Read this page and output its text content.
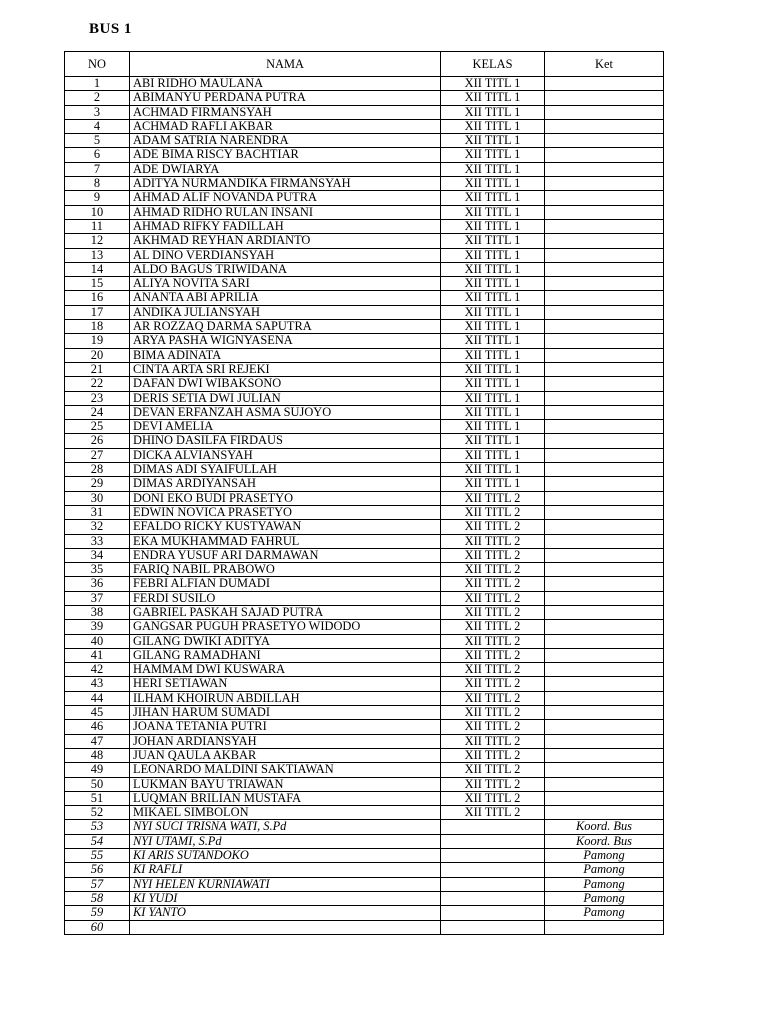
BUS 1
NO	NAMA	KELAS	Ket
1	ABI RIDHO MAULANA	XII TITL 1	
2	ABIMANYU PERDANA PUTRA	XII TITL 1	
3	ACHMAD FIRMANSYAH	XII TITL 1	
4	ACHMAD RAFLI AKBAR	XII TITL 1	
5	ADAM SATRIA NARENDRA	XII TITL 1	
6	ADE BIMA RISCY BACHTIAR	XII TITL 1	
7	ADE DWIARYA	XII TITL 1	
8	ADITYA NURMANDIKA FIRMANSYAH	XII TITL 1	
9	AHMAD ALIF NOVANDA PUTRA	XII TITL 1	
10	AHMAD RIDHO RULAN INSANI	XII TITL 1	
11	AHMAD RIFKY FADILLAH	XII TITL 1	
12	AKHMAD REYHAN ARDIANTO	XII TITL 1	
13	AL DINO VERDIANSYAH	XII TITL 1	
14	ALDO BAGUS TRIWIDANA	XII TITL 1	
15	ALIYA NOVITA SARI	XII TITL 1	
16	ANANTA ABI APRILIA	XII TITL 1	
17	ANDIKA JULIANSYAH	XII TITL 1	
18	AR ROZZAQ DARMA SAPUTRA	XII TITL 1	
19	ARYA PASHA WIGNYASENA	XII TITL 1	
20	BIMA ADINATA	XII TITL 1	
21	CINTA ARTA SRI REJEKI	XII TITL 1	
22	DAFAN DWI WIBAKSONO	XII TITL 1	
23	DERIS SETIA DWI JULIAN	XII TITL 1	
24	DEVAN ERFANZAH ASMA SUJOYO	XII TITL 1	
25	DEVI AMELIA	XII TITL 1	
26	DHINO DASILFA FIRDAUS	XII TITL 1	
27	DICKA ALVIANSYAH	XII TITL 1	
28	DIMAS ADI SYAIFULLAH	XII TITL 1	
29	DIMAS ARDIYANSAH	XII TITL 1	
30	DONI EKO BUDI PRASETYO	XII TITL 2	
31	EDWIN NOVICA PRASETYO	XII TITL 2	
32	EFALDO RICKY KUSTYAWAN	XII TITL 2	
33	EKA MUKHAMMAD FAHRUL	XII TITL 2	
34	ENDRA YUSUF ARI DARMAWAN	XII TITL 2	
35	FARIQ NABIL PRABOWO	XII TITL 2	
36	FEBRI ALFIAN DUMADI	XII TITL 2	
37	FERDI SUSILO	XII TITL 2	
38	GABRIEL PASKAH SAJAD PUTRA	XII TITL 2	
39	GANGSAR PUGUH PRASETYO WIDODO	XII TITL 2	
40	GILANG DWIKI ADITYA	XII TITL 2	
41	GILANG RAMADHANI	XII TITL 2	
42	HAMMAM DWI KUSWARA	XII TITL 2	
43	HERI SETIAWAN	XII TITL 2	
44	ILHAM KHOIRUN ABDILLAH	XII TITL 2	
45	JIHAN HARUM SUMADI	XII TITL 2	
46	JOANA TETANIA PUTRI	XII TITL 2	
47	JOHAN ARDIANSYAH	XII TITL 2	
48	JUAN QAULA AKBAR	XII TITL 2	
49	LEONARDO MALDINI SAKTIAWAN	XII TITL 2	
50	LUKMAN BAYU TRIAWAN	XII TITL 2	
51	LUQMAN BRILIAN MUSTAFA	XII TITL 2	
52	MIKAEL SIMBOLON	XII TITL 2	
53	NYI SUCI TRISNA WATI, S.Pd		Koord. Bus
54	NYI UTAMI, S.Pd		Koord. Bus
55	KI ARIS SUTANDOKO		Pamong
56	KI RAFLI		Pamong
57	NYI HELEN KURNIAWATI		Pamong
58	KI YUDI		Pamong
59	KI YANTO		Pamong
60			
